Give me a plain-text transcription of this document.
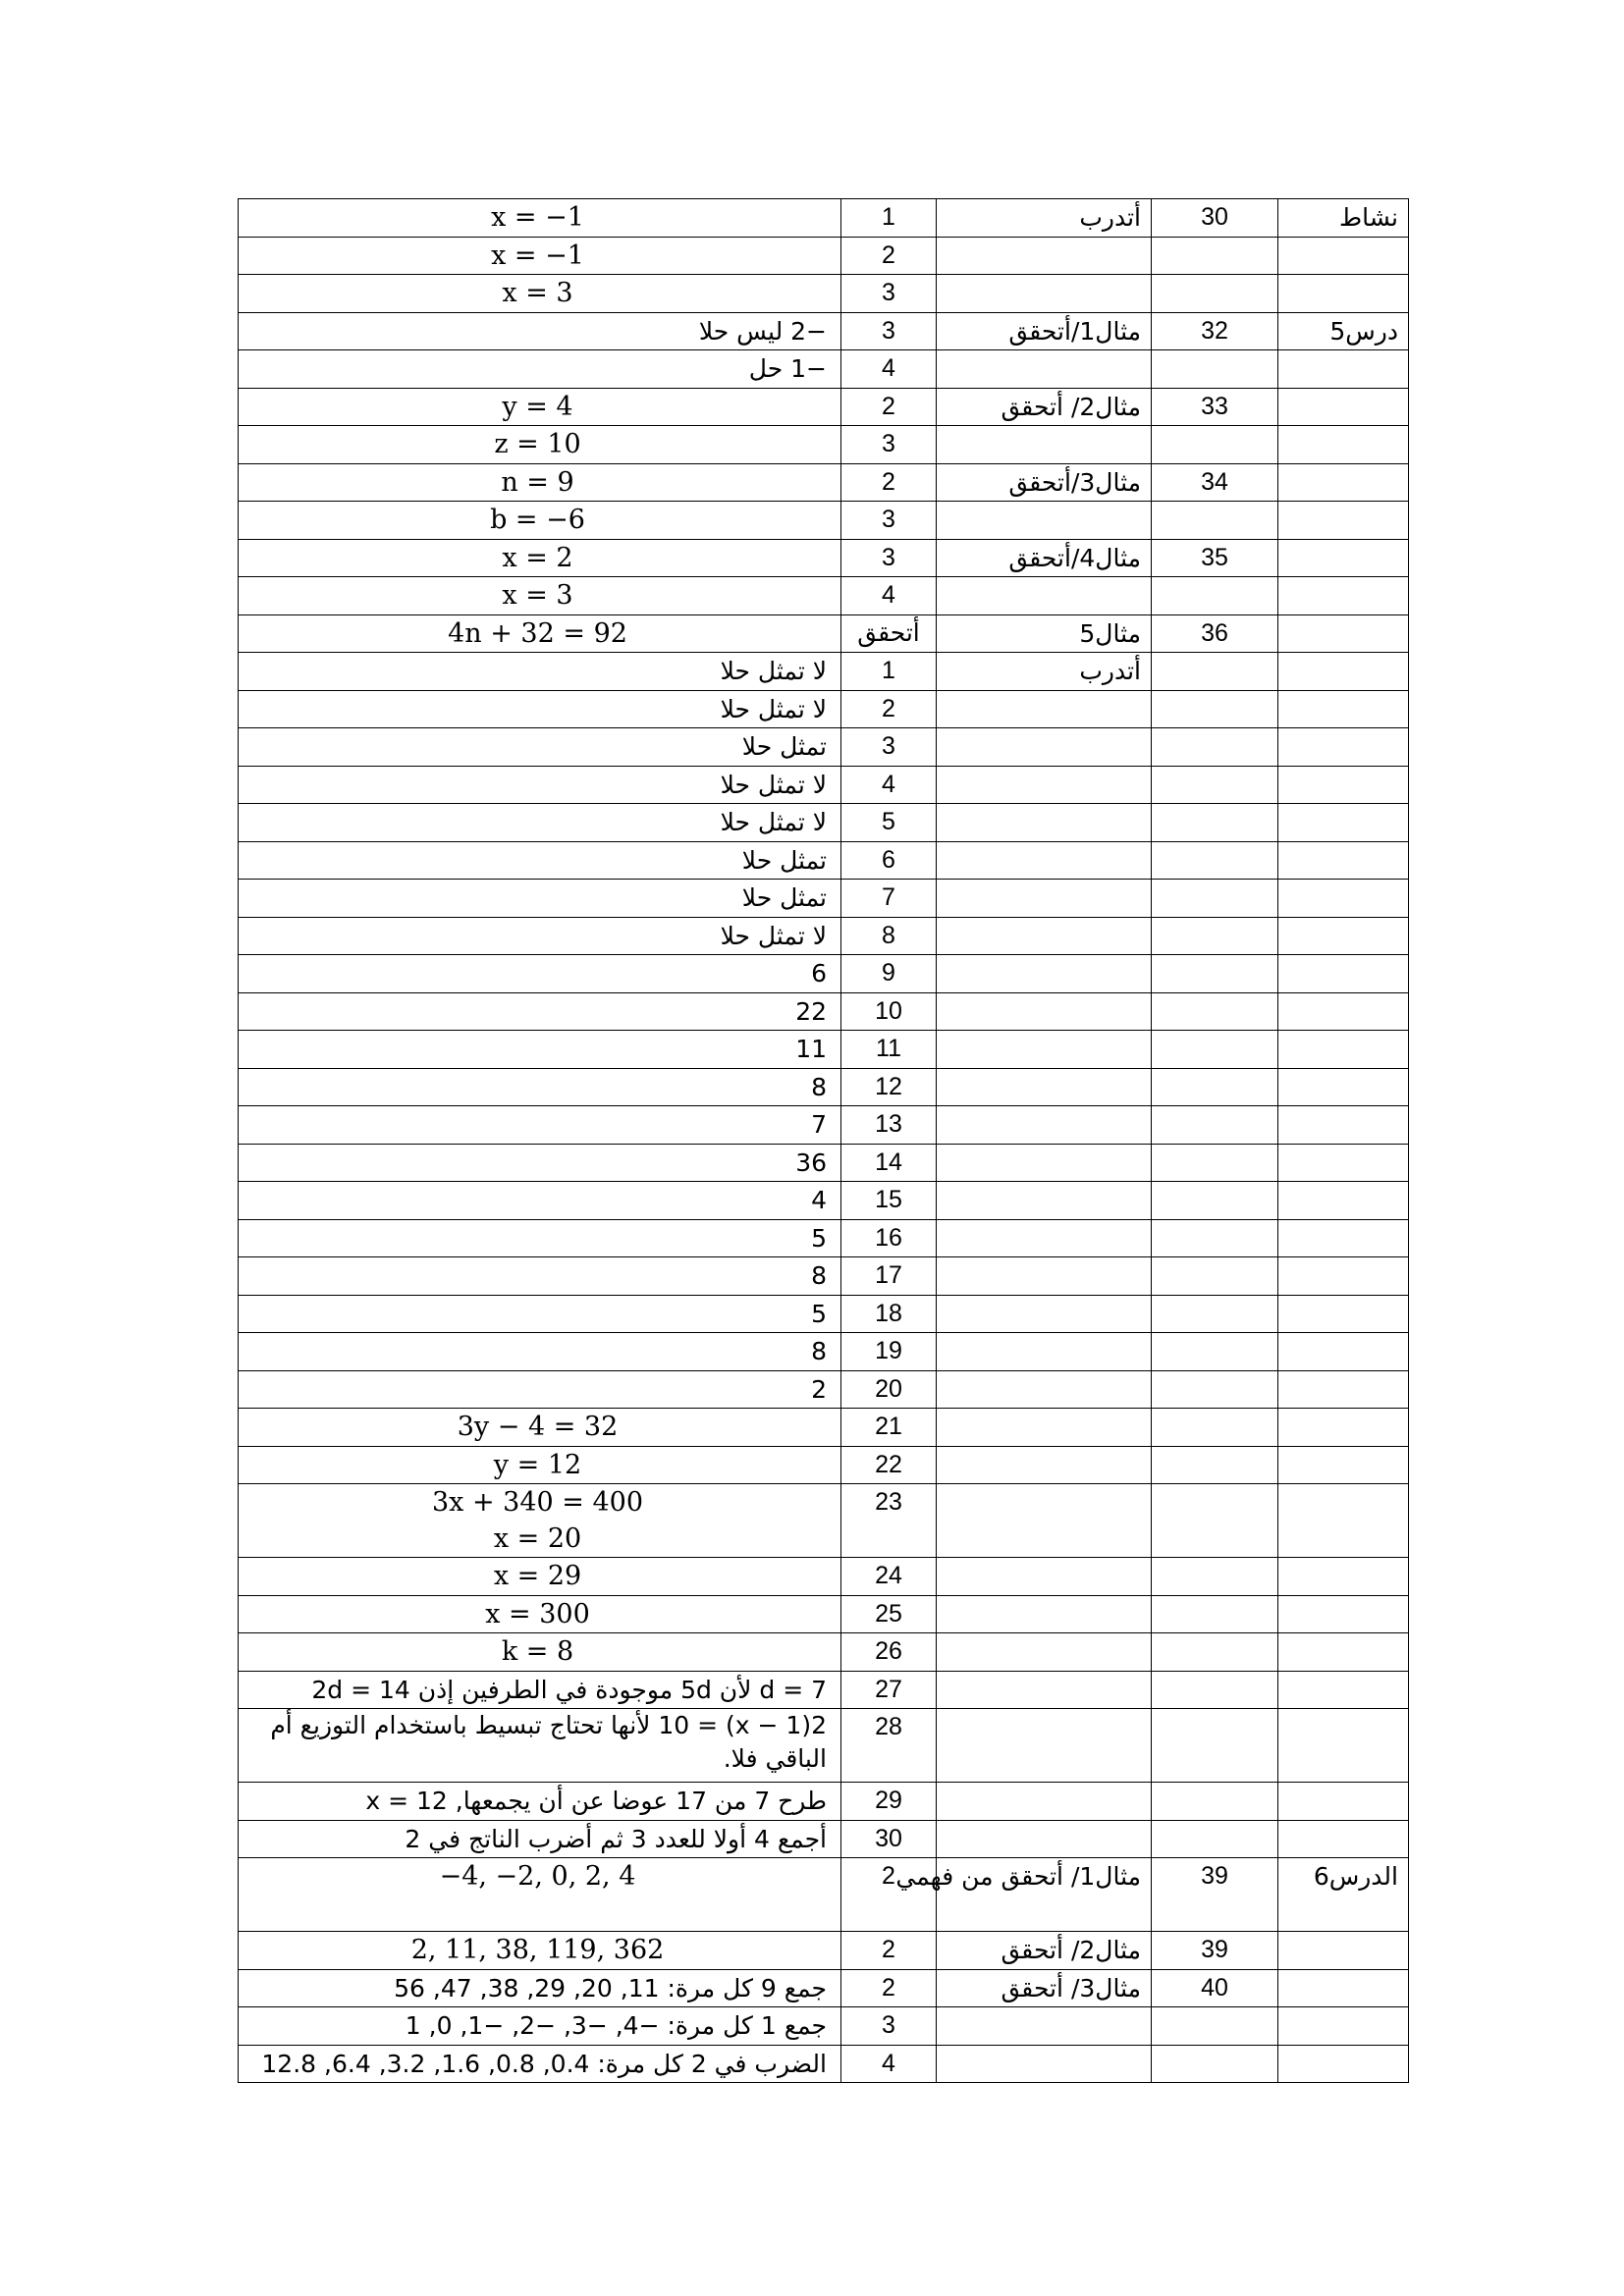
نشاط	30	أتدرب	1	x = −1

			2	x = −1

			3	x = 3

درس5	32	مثال1/أتحقق	3	−2 ليس حلا
			4	−1 حل
	33	مثال2/ أتحقق	2	y = 4

			3	z = 10

	34	مثال3/أتحقق	2	n = 9

			3	b = −6

	35	مثال4/أتحقق	3	x = 2

			4	x = 3

	36	مثال5	أتحقق	4n + 32 = 92

		أتدرب	1	لا تمثل حلا
			2	لا تمثل حلا
			3	تمثل حلا
			4	لا تمثل حلا
			5	لا تمثل حلا
			6	تمثل حلا
			7	تمثل حلا
			8	لا تمثل حلا
			9	6
			10	22
			11	11
			12	8
			13	7
			14	36
			15	4
			16	5
			17	8
			18	5
			19	8
			20	2
			21	3y − 4 = 32

			22	y = 12

			23	3x + 340 = 400
x = 20

			24	x = 29

			25	x = 300

			26	k = 8

			27	d = 7 لأن 5d موجودة في الطرفين إذن 2d = 14
			28	2(x − 1) = 10 لأنها تحتاج تبسيط باستخدام التوزيع أم الباقي فلا.
			29	طرح 7 من 17 عوضا عن أن يجمعها, x = 12
			30	أجمع 4 أولا للعدد 3 ثم أضرب الناتج في 2
الدرس6	39	مثال1/ أتحقق من فهمي	2	−4, −2, 0, 2, 4

	39	مثال2/ أتحقق	2	2, 11, 38, 119, 362

	40	مثال3/ أتحقق	2	جمع 9 كل مرة: 11, 20, 29, 38, 47, 56
			3	جمع 1 كل مرة: −4, −3, −2, −1, 0, 1
			4	الضرب في 2 كل مرة: 0.4, 0.8, 1.6, 3.2, 6.4, 12.8
